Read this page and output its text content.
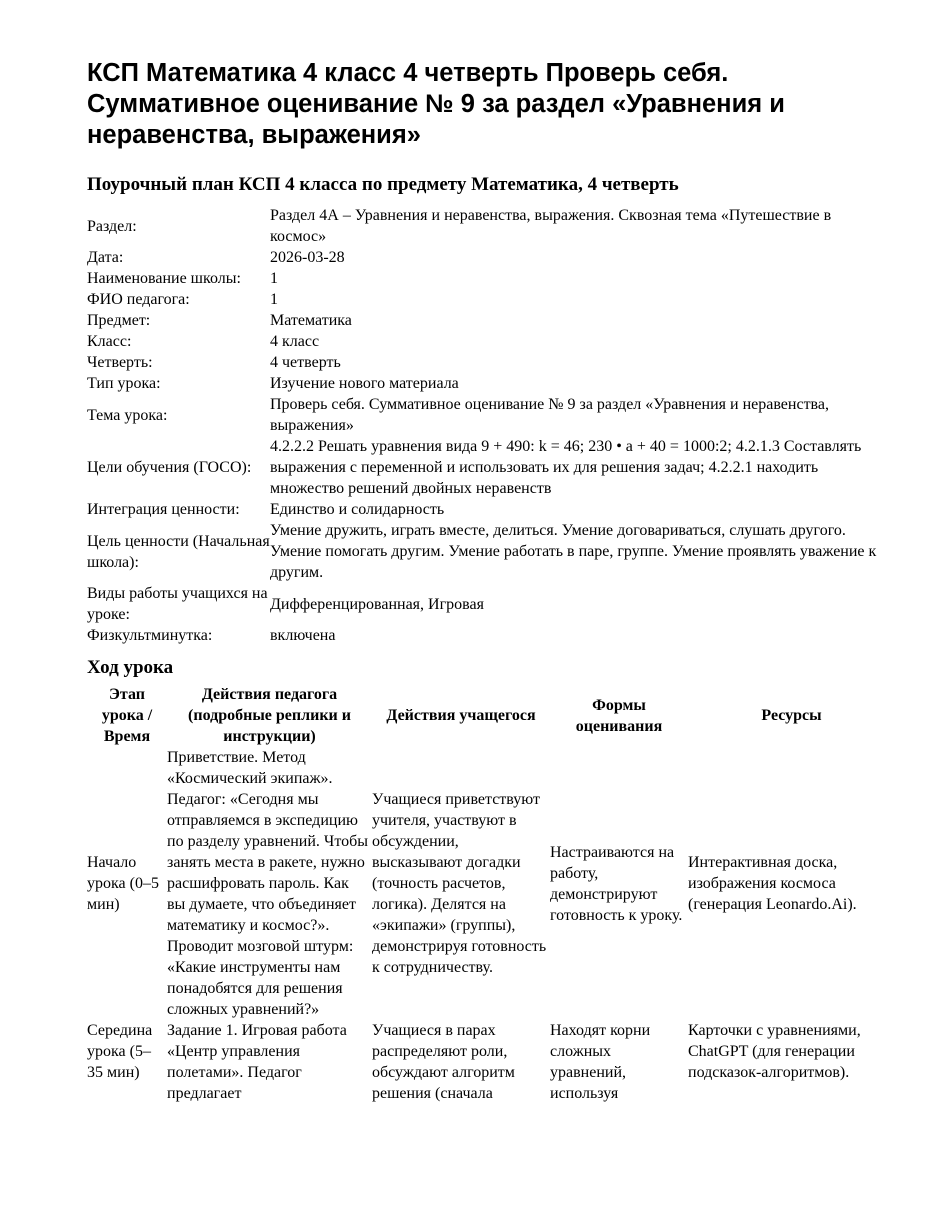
КСП Математика 4 класс 4 четверть Проверь себя. Суммативное оценивание № 9 за раздел «Уравнения и неравенства, выражения»
Поурочный план КСП 4 класса по предмету Математика, 4 четверть
Раздел:	Раздел 4А – Уравнения и неравенства, выражения. Сквозная тема «Путешествие в космос»
Дата:	2026-03-28
Наименование школы:	1
ФИО педагога:	1
Предмет:	Математика
Класс:	4 класс
Четверть:	4 четверть
Тип урока:	Изучение нового материала
Тема урока:	Проверь себя. Суммативное оценивание № 9 за раздел «Уравнения и неравенства, выражения»
Цели обучения (ГОСО):	4.2.2.2 Решать уравнения вида 9 + 490: k = 46; 230 • a + 40 = 1000:2; 4.2.1.3 Составлять выражения с переменной и использовать их для решения задач; 4.2.2.1 находить множество решений двойных неравенств
Интеграция ценности:	Единство и солидарность
Цель ценности (Начальная школа):	Умение дружить, играть вместе, делиться. Умение договариваться, слушать другого. Умение помогать другим. Умение работать в паре, группе. Умение проявлять уважение к другим.
Виды работы учащихся на уроке:	Дифференцированная, Игровая
Физкультминутка:	включена
Ход урока
Этап урока / Время	Действия педагога (подробные реплики и инструкции)	Действия учащегося	Формы оценивания	Ресурсы
Начало урока (0–5 мин)	Приветствие. Метод «Космический экипаж». Педагог: «Сегодня мы отправляемся в экспедицию по разделу уравнений. Чтобы занять места в ракете, нужно расшифровать пароль. Как вы думаете, что объединяет математику и космос?». Проводит мозговой штурм: «Какие инструменты нам понадобятся для решения сложных уравнений?»	Учащиеся приветствуют учителя, участвуют в обсуждении, высказывают догадки (точность расчетов, логика). Делятся на «экипажи» (группы), демонстрируя готовность к сотрудничеству.	Настраиваются на работу, демонстрируют готовность к уроку.	Интерактивная доска, изображения космоса (генерация Leonardo.Ai).
Середина урока (5–35 мин)	Задание 1. Игровая работа «Центр управления полетами». Педагог предлагает	Учащиеся в парах распределяют роли, обсуждают алгоритм решения (сначала	Находят корни сложных уравнений, используя	Карточки с уравнениями, ChatGPT (для генерации подсказок-алгоритмов).
